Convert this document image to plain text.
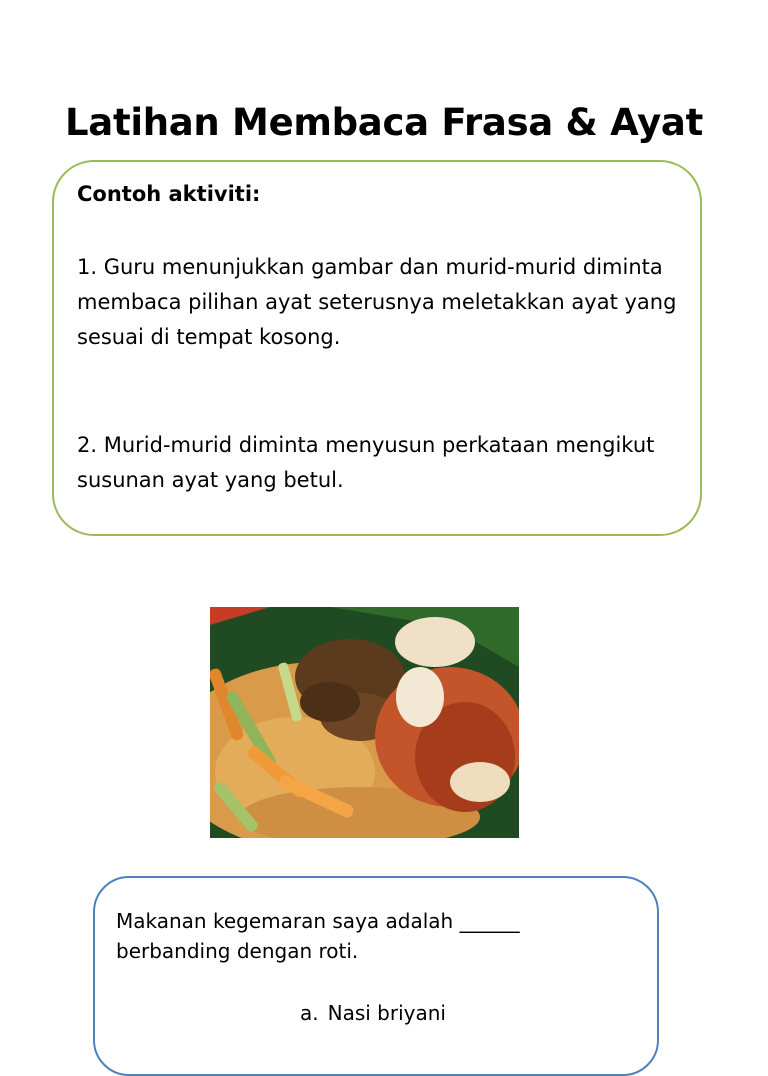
Latihan Membaca Frasa & Ayat
Contoh aktiviti:
1. Guru menunjukkan gambar dan murid-murid diminta membaca pilihan ayat seterusnya meletakkan ayat yang sesuai di tempat kosong.
2. Murid-murid diminta menyusun perkataan mengikut susunan ayat yang betul.
Makanan kegemaran saya adalah ______ berbanding dengan roti.
a. Nasi briyani
